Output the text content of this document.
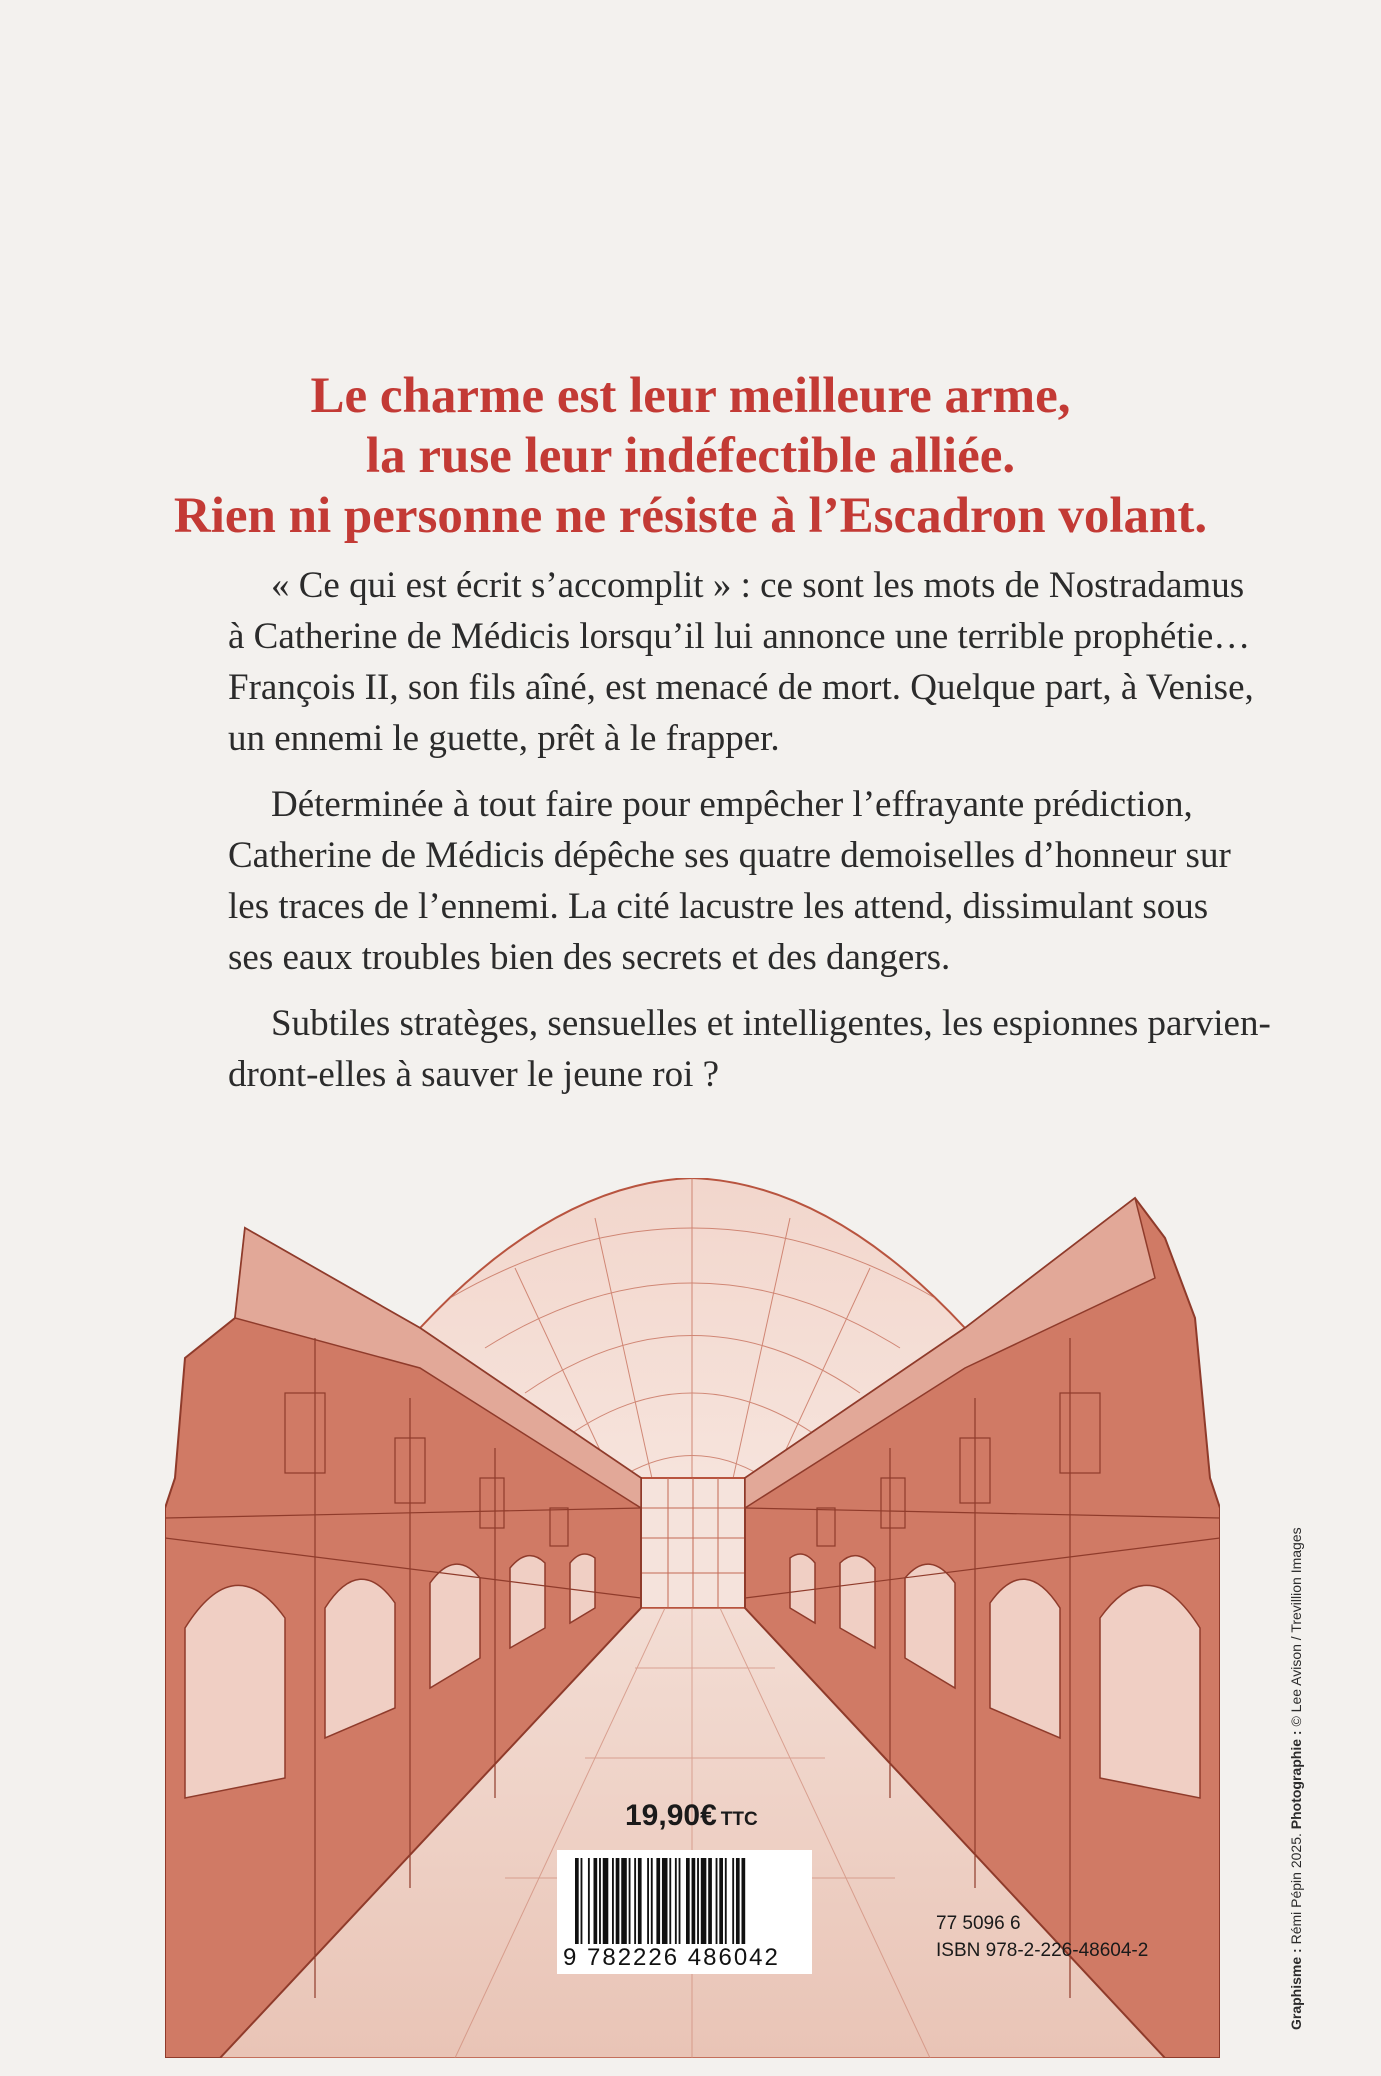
Le charme est leur meilleure arme,
la ruse leur indéfectible alliée.
Rien ni personne ne résiste à l’Escadron volant.
« Ce qui est écrit s’accomplit » : ce sont les mots de Nostradamus
à Catherine de Médicis lorsqu’il lui annonce une terrible prophétie…
François II, son fils aîné, est menacé de mort. Quelque part, à Venise,
un ennemi le guette, prêt à le frapper.
Déterminée à tout faire pour empêcher l’effrayante prédiction,
Catherine de Médicis dépêche ses quatre demoiselles d’honneur sur
les traces de l’ennemi. La cité lacustre les attend, dissimulant sous
ses eaux troubles bien des secrets et des dangers.
Subtiles stratèges, sensuelles et intelligentes, les espionnes parvien-
dront-elles à sauver le jeune roi ?
19,90€ TTC
9 782226 486042
77 5096 6
ISBN 978-2-226-48604-2	Graphisme : Rémi Pépin 2025. Photographie : © Lee Avison / Trevillion Images
